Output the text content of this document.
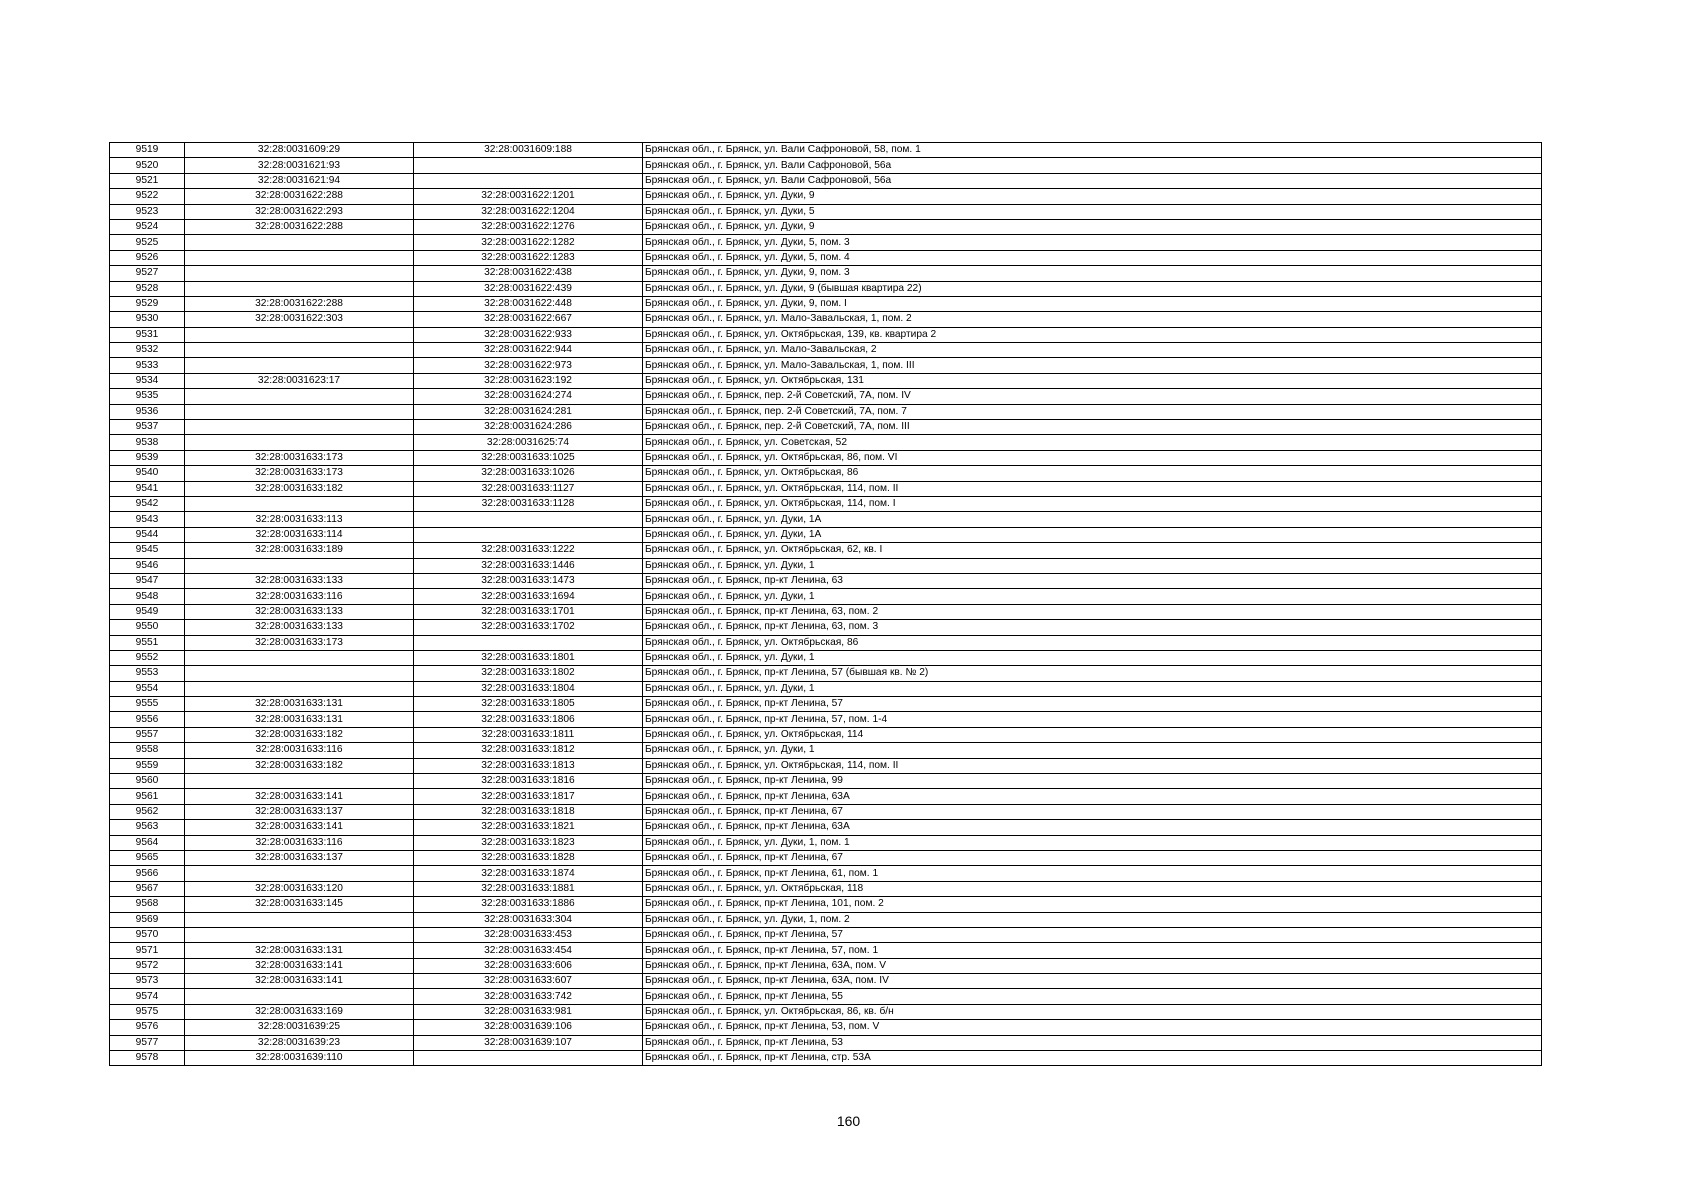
9519	32:28:0031609:29	32:28:0031609:188	Брянская обл., г. Брянск, ул. Вали Сафроновой, 58, пом. 1
9520	32:28:0031621:93		Брянская обл., г. Брянск, ул. Вали Сафроновой, 56а
9521	32:28:0031621:94		Брянская обл., г. Брянск, ул. Вали Сафроновой, 56а
9522	32:28:0031622:288	32:28:0031622:1201	Брянская обл., г. Брянск, ул. Дуки, 9
9523	32:28:0031622:293	32:28:0031622:1204	Брянская обл., г. Брянск, ул. Дуки, 5
9524	32:28:0031622:288	32:28:0031622:1276	Брянская обл., г. Брянск, ул. Дуки, 9
9525		32:28:0031622:1282	Брянская обл., г. Брянск, ул. Дуки, 5, пом. 3
9526		32:28:0031622:1283	Брянская обл., г. Брянск, ул. Дуки, 5, пом. 4
9527		32:28:0031622:438	Брянская обл., г. Брянск, ул. Дуки, 9, пом. 3
9528		32:28:0031622:439	Брянская обл., г. Брянск, ул. Дуки, 9 (бывшая квартира 22)
9529	32:28:0031622:288	32:28:0031622:448	Брянская обл., г. Брянск, ул. Дуки, 9, пом. I
9530	32:28:0031622:303	32:28:0031622:667	Брянская обл., г. Брянск, ул. Мало-Завальская, 1, пом. 2
9531		32:28:0031622:933	Брянская обл., г. Брянск, ул. Октябрьская, 139, кв. квартира 2
9532		32:28:0031622:944	Брянская обл., г. Брянск, ул. Мало-Завальская, 2
9533		32:28:0031622:973	Брянская обл., г. Брянск, ул. Мало-Завальская, 1, пом. III
9534	32:28:0031623:17	32:28:0031623:192	Брянская обл., г. Брянск, ул. Октябрьская, 131
9535		32:28:0031624:274	Брянская обл., г. Брянск, пер. 2-й Советский, 7А, пом. IV
9536		32:28:0031624:281	Брянская обл., г. Брянск, пер. 2-й Советский, 7А, пом. 7
9537		32:28:0031624:286	Брянская обл., г. Брянск, пер. 2-й Советский, 7А, пом. III
9538		32:28:0031625:74	Брянская обл., г. Брянск, ул. Советская, 52
9539	32:28:0031633:173	32:28:0031633:1025	Брянская обл., г. Брянск, ул. Октябрьская, 86, пом. VI
9540	32:28:0031633:173	32:28:0031633:1026	Брянская обл., г. Брянск, ул. Октябрьская, 86
9541	32:28:0031633:182	32:28:0031633:1127	Брянская обл., г. Брянск, ул. Октябрьская, 114, пом. II
9542		32:28:0031633:1128	Брянская обл., г. Брянск, ул. Октябрьская, 114, пом. I
9543	32:28:0031633:113		Брянская обл., г. Брянск, ул. Дуки, 1А
9544	32:28:0031633:114		Брянская обл., г. Брянск, ул. Дуки, 1А
9545	32:28:0031633:189	32:28:0031633:1222	Брянская обл., г. Брянск, ул. Октябрьская, 62, кв. I
9546		32:28:0031633:1446	Брянская обл., г. Брянск, ул. Дуки, 1
9547	32:28:0031633:133	32:28:0031633:1473	Брянская обл., г. Брянск, пр-кт Ленина, 63
9548	32:28:0031633:116	32:28:0031633:1694	Брянская обл., г. Брянск, ул. Дуки, 1
9549	32:28:0031633:133	32:28:0031633:1701	Брянская обл., г. Брянск, пр-кт Ленина, 63, пом. 2
9550	32:28:0031633:133	32:28:0031633:1702	Брянская обл., г. Брянск, пр-кт Ленина, 63, пом. 3
9551	32:28:0031633:173		Брянская обл., г. Брянск, ул. Октябрьская, 86
9552		32:28:0031633:1801	Брянская обл., г. Брянск, ул. Дуки, 1
9553		32:28:0031633:1802	Брянская обл., г. Брянск, пр-кт Ленина, 57 (бывшая кв. № 2)
9554		32:28:0031633:1804	Брянская обл., г. Брянск, ул. Дуки, 1
9555	32:28:0031633:131	32:28:0031633:1805	Брянская обл., г. Брянск, пр-кт Ленина, 57
9556	32:28:0031633:131	32:28:0031633:1806	Брянская обл., г. Брянск, пр-кт Ленина, 57, пом. 1-4
9557	32:28:0031633:182	32:28:0031633:1811	Брянская обл., г. Брянск, ул. Октябрьская, 114
9558	32:28:0031633:116	32:28:0031633:1812	Брянская обл., г. Брянск, ул. Дуки, 1
9559	32:28:0031633:182	32:28:0031633:1813	Брянская обл., г. Брянск, ул. Октябрьская, 114, пом. II
9560		32:28:0031633:1816	Брянская обл., г. Брянск, пр-кт Ленина, 99
9561	32:28:0031633:141	32:28:0031633:1817	Брянская обл., г. Брянск, пр-кт Ленина, 63А
9562	32:28:0031633:137	32:28:0031633:1818	Брянская обл., г. Брянск, пр-кт Ленина, 67
9563	32:28:0031633:141	32:28:0031633:1821	Брянская обл., г. Брянск, пр-кт Ленина, 63А
9564	32:28:0031633:116	32:28:0031633:1823	Брянская обл., г. Брянск, ул. Дуки, 1, пом. 1
9565	32:28:0031633:137	32:28:0031633:1828	Брянская обл., г. Брянск, пр-кт Ленина, 67
9566		32:28:0031633:1874	Брянская обл., г. Брянск, пр-кт Ленина, 61, пом. 1
9567	32:28:0031633:120	32:28:0031633:1881	Брянская обл., г. Брянск, ул. Октябрьская, 118
9568	32:28:0031633:145	32:28:0031633:1886	Брянская обл., г. Брянск, пр-кт Ленина, 101, пом. 2
9569		32:28:0031633:304	Брянская обл., г. Брянск, ул. Дуки, 1, пом. 2
9570		32:28:0031633:453	Брянская обл., г. Брянск, пр-кт Ленина, 57
9571	32:28:0031633:131	32:28:0031633:454	Брянская обл., г. Брянск, пр-кт Ленина, 57, пом. 1
9572	32:28:0031633:141	32:28:0031633:606	Брянская обл., г. Брянск, пр-кт Ленина, 63А, пом. V
9573	32:28:0031633:141	32:28:0031633:607	Брянская обл., г. Брянск, пр-кт Ленина, 63А, пом. IV
9574		32:28:0031633:742	Брянская обл., г. Брянск, пр-кт Ленина, 55
9575	32:28:0031633:169	32:28:0031633:981	Брянская обл., г. Брянск, ул. Октябрьская, 86, кв. б/н
9576	32:28:0031639:25	32:28:0031639:106	Брянская обл., г. Брянск, пр-кт Ленина, 53, пом. V
9577	32:28:0031639:23	32:28:0031639:107	Брянская обл., г. Брянск, пр-кт Ленина, 53
9578	32:28:0031639:110		Брянская обл., г. Брянск, пр-кт Ленина, стр. 53А
160
